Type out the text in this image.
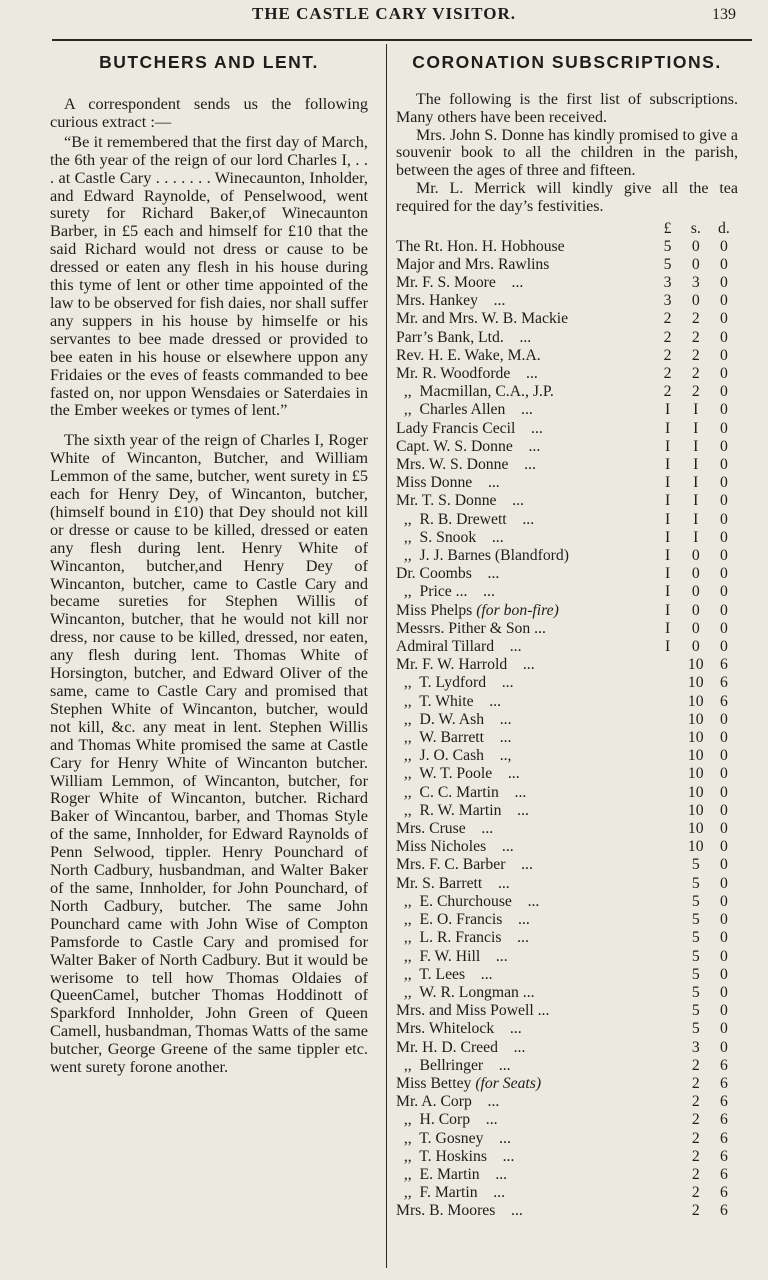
THE CASTLE CARY VISITOR.	139
BUTCHERS AND LENT.

A correspondent sends us the following curious extract :—

“Be it remembered that the first day of March, the 6th year of the reign of our lord Charles I, . . . at Castle Cary . . . . . . . Winecaunton, Inholder, and Edward Raynolde, of Penselwood, went surety for Richard Baker,of Winecaunton Barber, in £5 each and himself for £10 that the said Richard would not dress or cause to be dressed or eaten any flesh in his house during this tyme of lent or other time appointed of the law to be observed for fish daies, nor shall suffer any suppers in his house by himselfe or his servantes to bee made dressed or provided to bee eaten in his house or elsewhere uppon any Fridaies or the eves of feasts commanded to bee fasted on, nor uppon Wensdaies or Saterdaies in the Ember weekes or tymes of lent.”

The sixth year of the reign of Charles I, Roger White of Wincanton, Butcher, and William Lemmon of the same, butcher, went surety in £5 each for Henry Dey, of Wincanton, butcher, (himself bound in £10) that Dey should not kill or dresse or cause to be killed, dressed or eaten any flesh during lent. Henry White of Wincanton, butcher,and Henry Dey of Wincanton, butcher, came to Castle Cary and became sureties for Stephen Willis of Wincanton, butcher, that he would not kill nor dress, nor cause to be killed, dressed, nor eaten, any flesh during lent. Thomas White of Horsington, butcher, and Edward Oliver of the same, came to Castle Cary and promised that Stephen White of Wincanton, butcher, would not kill, &c. any meat in lent. Stephen Willis and Thomas White promised the same at Castle Cary for Henry White of Wincanton butcher. William Lemmon, of Wincanton, butcher, for Roger White of Wincanton, butcher. Richard Baker of Wincantou, barber, and Thomas Style of the same, Innholder, for Edward Raynolds of Penn Selwood, tippler. Henry Pounchard of North Cadbury, husbandman, and Walter Baker of the same, Innholder, for John Pounchard, of North Cadbury, butcher. The same John Pounchard came with John Wise of Compton Pamsforde to Castle Cary and promised for Walter Baker of North Cadbury. But it would be werisome to tell how Thomas Oldaies of QueenCamel, butcher Thomas Hoddinott of Sparkford Innholder, John Green of Queen Camell, husbandman, Thomas Watts of the same butcher, George Greene of the same tippler etc. went surety forone another.

CORONATION SUBSCRIPTIONS.

The following is the first list of subscriptions. Many others have been received.

Mrs. John S. Donne has kindly promised to give a souvenir book to all the children in the parish, between the ages of three and fifteen.

Mr. L. Merrick will kindly give all the tea required for the day’s festivities.

	£	s.	d.
The Rt. Hon. H. Hobhouse	5	0	0
Major and Mrs. Rawlins	5	0	0
Mr. F. S. Moore    ...	3	3	0
Mrs. Hankey    ...	3	0	0
Mr. and Mrs. W. B. Mackie	2	2	0
Parr’s Bank, Ltd.    ...	2	2	0
Rev. H. E. Wake, M.A.	2	2	0
Mr. R. Woodforde    ...	2	2	0
,,  Macmillan, C.A., J.P.	2	2	0
,,  Charles Allen    ...	I	I	0
Lady Francis Cecil    ...	I	I	0
Capt. W. S. Donne    ...	I	I	0
Mrs. W. S. Donne    ...	I	I	0
Miss Donne    ...	I	I	0
Mr. T. S. Donne    ...	I	I	0
,,  R. B. Drewett    ...	I	I	0
,,  S. Snook    ...	I	I	0
,,  J. J. Barnes (Blandford)	I	0	0
Dr. Coombs    ...	I	0	0
,,  Price ...    ...	I	0	0
Miss Phelps (for bon-fire)	I	0	0
Messrs. Pither & Son ...	I	0	0
Admiral Tillard    ...	I	0	0
Mr. F. W. Harrold    ...		10	6
,,  T. Lydford    ...		10	6
,,  T. White    ...		10	6
,,  D. W. Ash    ...		10	0
,,  W. Barrett    ...		10	0
,,  J. O. Cash    ..,		10	0
,,  W. T. Poole    ...		10	0
,,  C. C. Martin    ...		10	0
,,  R. W. Martin    ...		10	0
Mrs. Cruse    ...		10	0
Miss Nicholes    ...		10	0
Mrs. F. C. Barber    ...		5	0
Mr. S. Barrett    ...		5	0
,,  E. Churchouse    ...		5	0
,,  E. O. Francis    ...		5	0
,,  L. R. Francis    ...		5	0
,,  F. W. Hill    ...		5	0
,,  T. Lees    ...		5	0
,,  W. R. Longman ...		5	0
Mrs. and Miss Powell ...		5	0
Mrs. Whitelock    ...		5	0
Mr. H. D. Creed    ...		3	0
,,  Bellringer    ...		2	6
Miss Bettey (for Seats)		2	6
Mr. A. Corp    ...		2	6
,,  H. Corp    ...		2	6
,,  T. Gosney    ...		2	6
,,  T. Hoskins    ...		2	6
,,  E. Martin    ...		2	6
,,  F. Martin    ...		2	6
Mrs. B. Moores    ...		2	6
